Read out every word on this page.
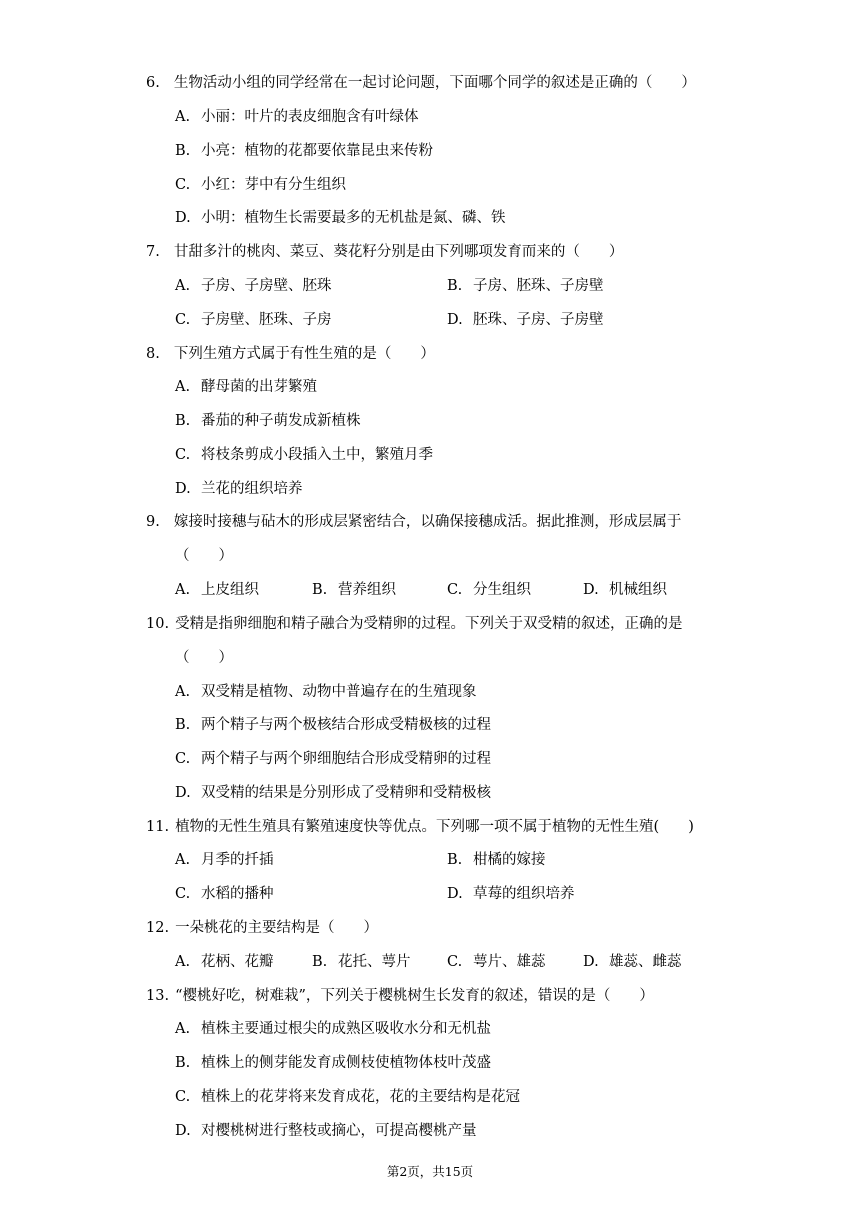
6. 生物活动小组的同学经常在一起讨论问题，下面哪个同学的叙述是正确的（　　）
A. 小丽：叶片的表皮细胞含有叶绿体
B. 小亮：植物的花都要依靠昆虫来传粉
C. 小红：芽中有分生组织
D. 小明：植物生长需要最多的无机盐是氮、磷、铁
7. 甘甜多汁的桃肉、菜豆、葵花籽分别是由下列哪项发育而来的（　　）
A. 子房、子房壁、胚珠	B. 子房、胚珠、子房壁
C. 子房壁、胚珠、子房	D. 胚珠、子房、子房壁
8. 下列生殖方式属于有性生殖的是（　　）
A. 酵母菌的出芽繁殖
B. 番茄的种子萌发成新植株
C. 将枝条剪成小段插入土中，繁殖月季
D. 兰花的组织培养
9. 嫁接时接穗与砧木的形成层紧密结合，以确保接穗成活。据此推测，形成层属于
（　　）
A. 上皮组织	B. 营养组织	C. 分生组织	D. 机械组织
10. 受精是指卵细胞和精子融合为受精卵的过程。下列关于双受精的叙述，正确的是
（　　）
A. 双受精是植物、动物中普遍存在的生殖现象
B. 两个精子与两个极核结合形成受精极核的过程
C. 两个精子与两个卵细胞结合形成受精卵的过程
D. 双受精的结果是分别形成了受精卵和受精极核
11. 植物的无性生殖具有繁殖速度快等优点。下列哪一项不属于植物的无性生殖(　　)
A. 月季的扦插	B. 柑橘的嫁接
C. 水稻的播种	D. 草莓的组织培养
12. 一朵桃花的主要结构是（　　）
A. 花柄、花瓣	B. 花托、萼片	C. 萼片、雄蕊	D. 雄蕊、雌蕊
13. “樱桃好吃，树难栽”，下列关于樱桃树生长发育的叙述，错误的是（　　）
A. 植株主要通过根尖的成熟区吸收水分和无机盐
B. 植株上的侧芽能发育成侧枝使植物体枝叶茂盛
C. 植株上的花芽将来发育成花，花的主要结构是花冠
D. 对樱桃树进行整枝或摘心，可提高樱桃产量
第2页，共15页
